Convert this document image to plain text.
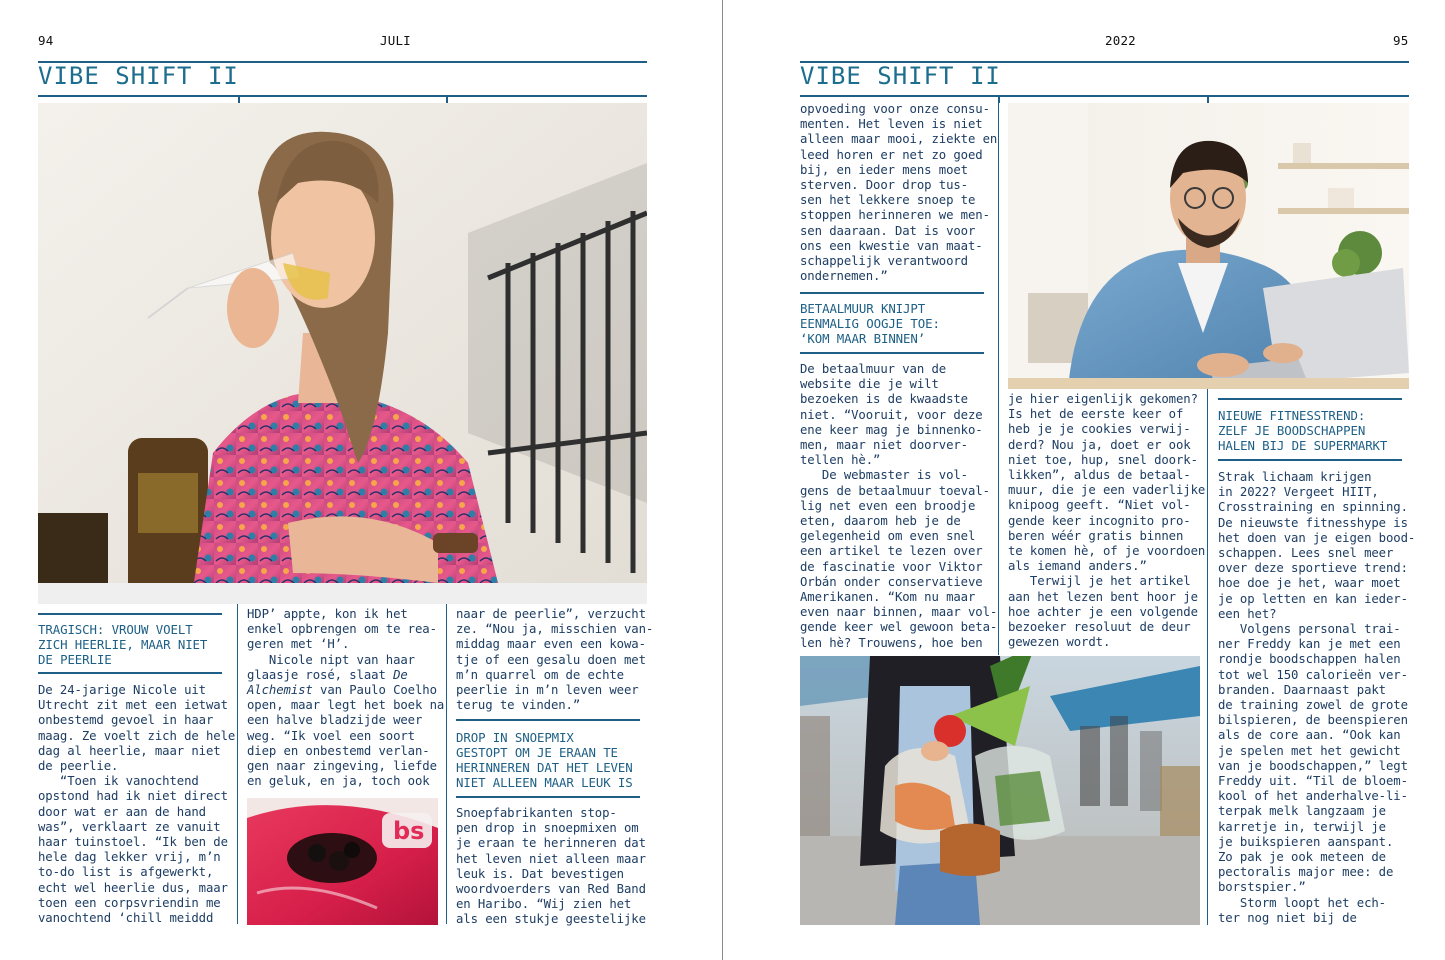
94	JULI
VIBE SHIFT II
TRAGISCH: VROUW VOELT
ZICH HEERLIE, MAAR NIET
DE PEERLIE
De 24-jarige Nicole uit
Utrecht zit met een ietwat
onbestemd gevoel in haar
maag. Ze voelt zich de hele
dag al heerlie, maar niet
de peerlie.
“Toen ik vanochtend
opstond had ik niet direct
door wat er aan de hand
was”, verklaart ze vanuit
haar tuinstoel. “Ik ben de
hele dag lekker vrij, m’n
to-do list is afgewerkt,
echt wel heerlie dus, maar
toen een corpsvriendin me
vanochtend ‘chill meiddd
HDP’ appte, kon ik het
enkel opbrengen om te rea-
geren met ‘H’.
Nicole nipt van haar
glaasje rosé, slaat De
Alchemist van Paulo Coelho
open, maar legt het boek na
een halve bladzijde weer
weg. “Ik voel een soort
diep en onbestemd verlan-
gen naar zingeving, liefde
en geluk, en ja, toch ook
bs
naar de peerlie”, verzucht
ze. “Nou ja, misschien van-
middag maar even een kowa-
tje of een gesalu doen met
m’n quarrel om de echte
peerlie in m’n leven weer
terug te vinden.”
DROP IN SNOEPMIX
GESTOPT OM JE ERAAN TE
HERINNEREN DAT HET LEVEN
NIET ALLEEN MAAR LEUK IS
Snoepfabrikanten stop-
pen drop in snoepmixen om
je eraan te herinneren dat
het leven niet alleen maar
leuk is. Dat bevestigen
woordvoerders van Red Band
en Haribo. “Wij zien het
als een stukje geestelijke
2022	95
VIBE SHIFT II
opvoeding voor onze consu-
menten. Het leven is niet
alleen maar mooi, ziekte en
leed horen er net zo goed
bij, en ieder mens moet
sterven. Door drop tus-
sen het lekkere snoep te
stoppen herinneren we men-
sen daaraan. Dat is voor
ons een kwestie van maat-
schappelijk verantwoord
ondernemen.”
BETAALMUUR KNIJPT
EENMALIG OOGJE TOE:
‘KOM MAAR BINNEN’
De betaalmuur van de
website die je wilt
bezoeken is de kwaadste
niet. “Vooruit, voor deze
ene keer mag je binnenko-
men, maar niet doorver-
tellen hè.”
De webmaster is vol-
gens de betaalmuur toeval-
lig net even een broodje
eten, daarom heb je de
gelegenheid om even snel
een artikel te lezen over
de fascinatie voor Viktor
Orbán onder conservatieve
Amerikanen. “Kom nu maar
even naar binnen, maar vol-
gende keer wel gewoon beta-
len hè? Trouwens, hoe ben
je hier eigenlijk gekomen?
Is het de eerste keer of
heb je je cookies verwij-
derd? Nou ja, doet er ook
niet toe, hup, snel doork-
likken”, aldus de betaal-
muur, die je een vaderlijke
knipoog geeft. “Niet vol-
gende keer incognito pro-
beren wéér gratis binnen
te komen hè, of je voordoen
als iemand anders.”
Terwijl je het artikel
aan het lezen bent hoor je
hoe achter je een volgende
bezoeker resoluut de deur
gewezen wordt.
NIEUWE FITNESSTREND:
ZELF JE BOODSCHAPPEN
HALEN BIJ DE SUPERMARKT
Strak lichaam krijgen
in 2022? Vergeet HIIT,
Crosstraining en spinning.
De nieuwste fitnesshype is
het doen van je eigen bood-
schappen. Lees snel meer
over deze sportieve trend:
hoe doe je het, waar moet
je op letten en kan ieder-
een het?
Volgens personal trai-
ner Freddy kan je met een
rondje boodschappen halen
tot wel 150 calorieën ver-
branden. Daarnaast pakt
de training zowel de grote
bilspieren, de beenspieren
als de core aan. “Ook kan
je spelen met het gewicht
van je boodschappen,” legt
Freddy uit. “Til de bloem-
kool of het anderhalve-li-
terpak melk langzaam je
karretje in, terwijl je
je buikspieren aanspant.
Zo pak je ook meteen de
pectoralis major mee: de
borstspier.”
Storm loopt het ech-
ter nog niet bij de
